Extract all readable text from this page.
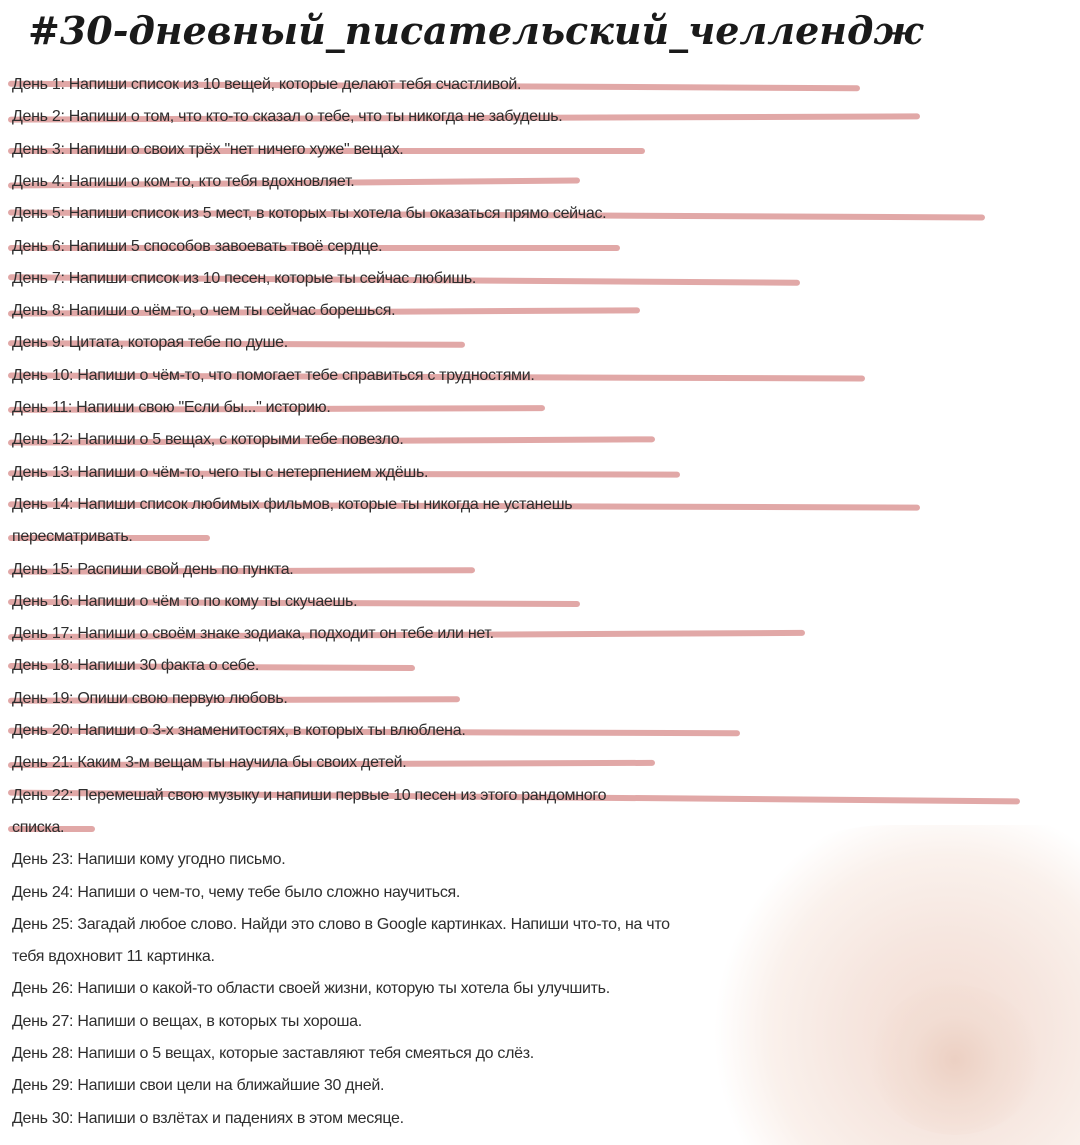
#30-дневный_писательский_челлендж
День 1: Напиши список из 10 вещей, которые делают тебя счастливой.
День 2: Напиши о том, что кто-то сказал о тебе, что ты никогда не забудешь.
День 3: Напиши о своих трёх "нет ничего хуже" вещах.
День 4: Напиши о ком-то, кто тебя вдохновляет.
День 5: Напиши список из 5 мест, в которых ты хотела бы оказаться прямо сейчас.
День 6: Напиши 5 способов завоевать твоё сердце.
День 7: Напиши список из 10 песен, которые ты сейчас любишь.
День 8: Напиши о чём-то, о чем ты сейчас борешься.
День 9: Цитата, которая тебе по душе.
День 10: Напиши о чём-то, что помогает тебе справиться с трудностями.
День 11: Напиши свою "Если бы..." историю.
День 12: Напиши о 5 вещах, с которыми тебе повезло.
День 13: Напиши о чём-то, чего ты с нетерпением ждёшь.
День 14: Напиши список любимых фильмов, которые ты никогда не устанешь
пересматривать.
День 15: Распиши свой день по пункта.
День 16: Напиши о чём то по кому ты скучаешь.
День 17: Напиши о своём знаке зодиака, подходит он тебе или нет.
День 18: Напиши 30 факта о себе.
День 19: Опиши свою первую любовь.
День 20: Напиши о 3-х знаменитостях, в которых ты влюблена.
День 21: Каким 3-м вещам ты научила бы своих детей.
День 22: Перемешай свою музыку и напиши первые 10 песен из этого рандомного
списка.
День 23: Напиши кому угодно письмо.
День 24: Напиши о чем-то, чему тебе было сложно научиться.
День 25: Загадай любое слово. Найди это слово в Google картинках. Напиши что-то, на что
тебя вдохновит 11 картинка.
День 26: Напиши о какой-то области своей жизни, которую ты хотела бы улучшить.
День 27: Напиши о вещах, в которых ты хороша.
День 28: Напиши о 5 вещах, которые заставляют тебя смеяться до слёз.
День 29: Напиши свои цели на ближайшие 30 дней.
День 30: Напиши о взлётах и падениях в этом месяце.
